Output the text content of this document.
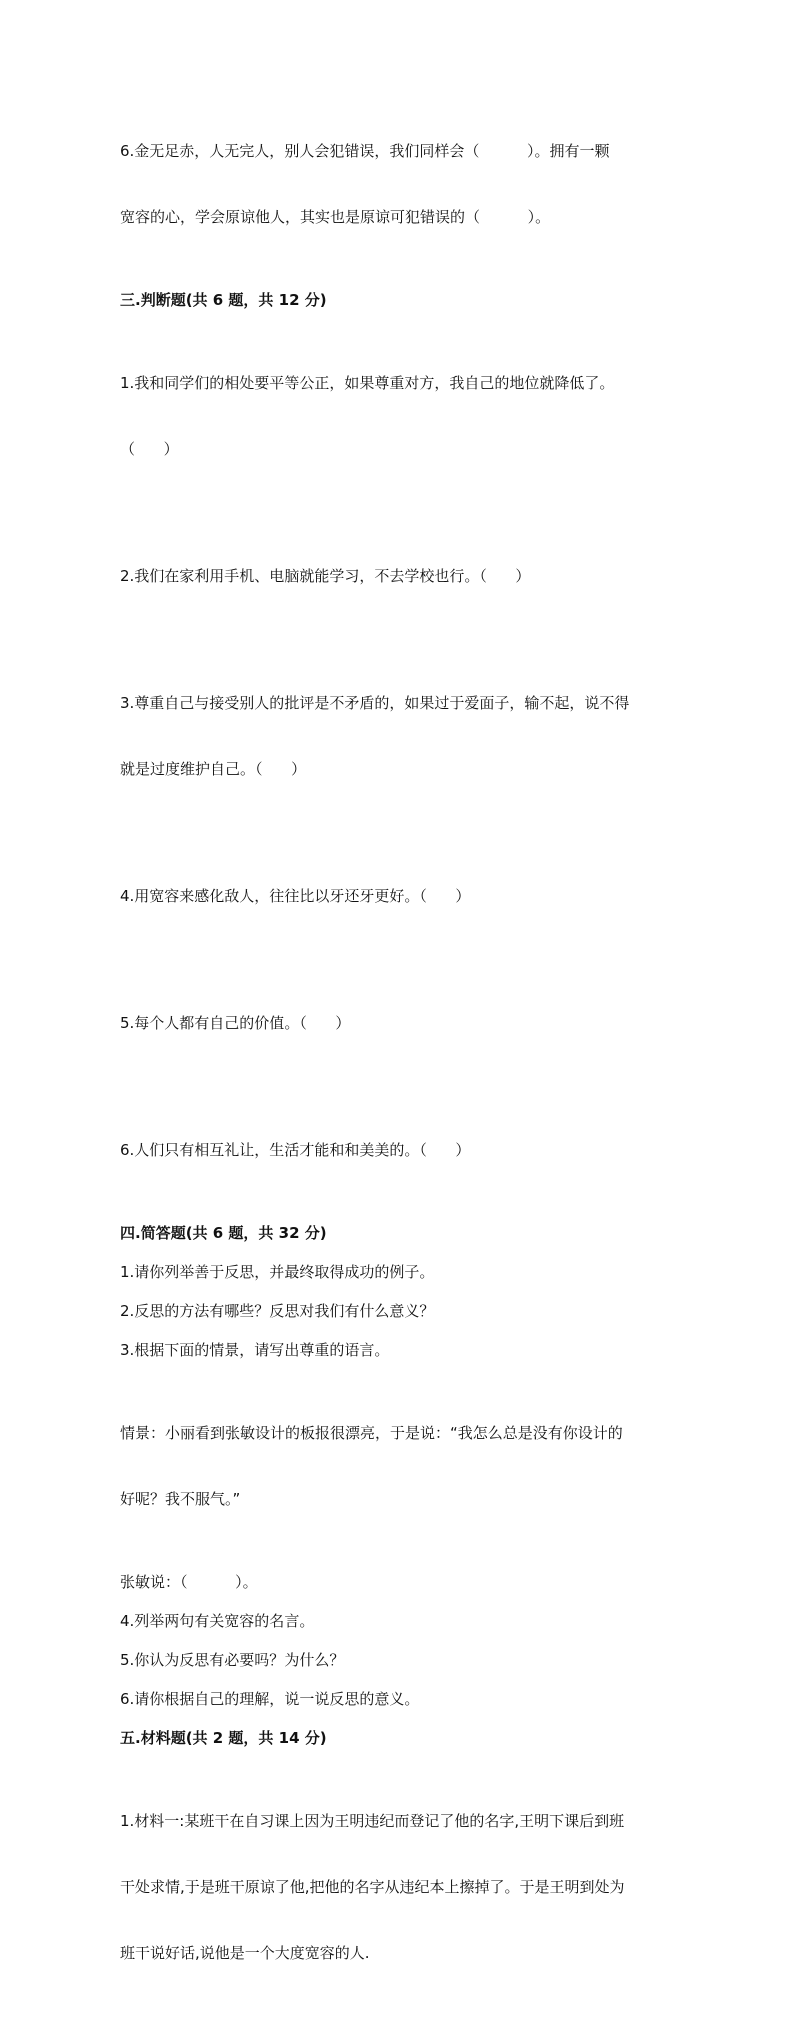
6.金无足赤，人无完人，别人会犯错误，我们同样会（          ）。拥有一颗

宽容的心，学会原谅他人，其实也是原谅可犯错误的（          ）。

三.判断题(共 6 题，共 12 分)

1.我和同学们的相处要平等公正，如果尊重对方，我自己的地位就降低了。

（      ）

2.我们在家利用手机、电脑就能学习，不去学校也行。（      ）

3.尊重自己与接受别人的批评是不矛盾的，如果过于爱面子，输不起，说不得

就是过度维护自己。（      ）

4.用宽容来感化敌人，往往比以牙还牙更好。（      ）

5.每个人都有自己的价值。（      ）

6.人们只有相互礼让，生活才能和和美美的。（      ）

四.简答题(共 6 题，共 32 分)
1.请你列举善于反思，并最终取得成功的例子。
2.反思的方法有哪些？反思对我们有什么意义？
3.根据下面的情景，请写出尊重的语言。

情景：小丽看到张敏设计的板报很漂亮，于是说：“我怎么总是没有你设计的

好呢？我不服气。”

张敏说：（          ）。
4.列举两句有关宽容的名言。
5.你认为反思有必要吗？为什么？
6.请你根据自己的理解，说一说反思的意义。
五.材料题(共 2 题，共 14 分)

1.材料一:某班干在自习课上因为王明违纪而登记了他的名字,王明下课后到班

干处求情,于是班干原谅了他,把他的名字从违纪本上擦掉了。于是王明到处为

班干说好话,说他是一个大度宽容的人.
